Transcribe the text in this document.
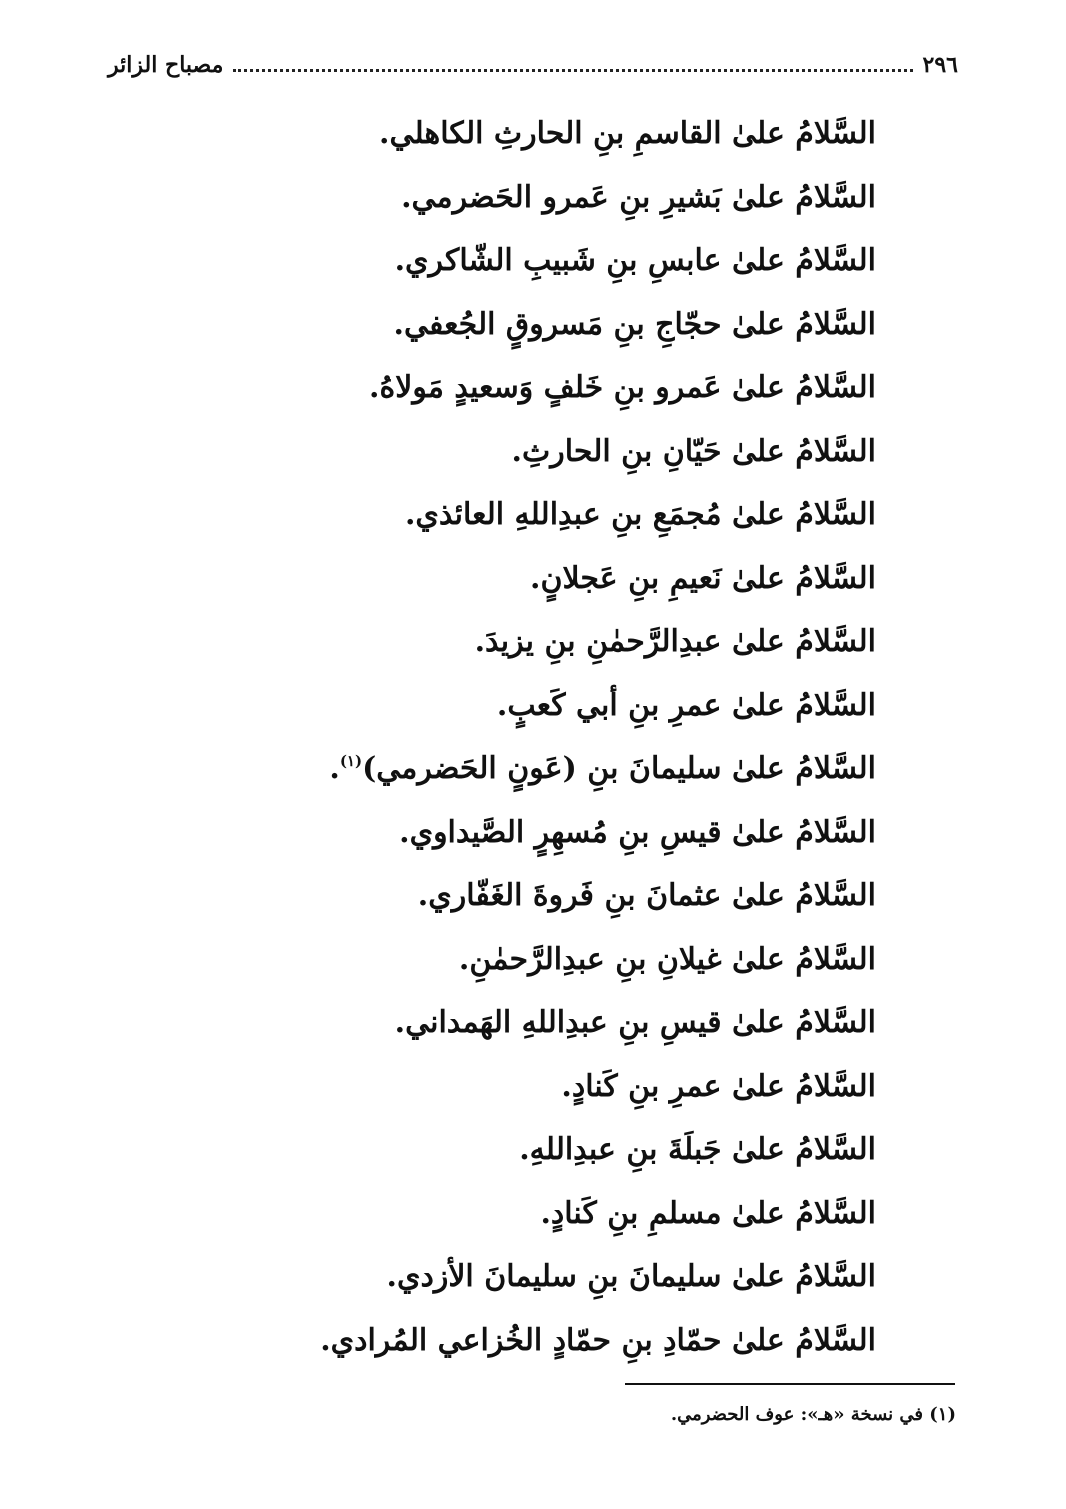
٢٩٦
مصباح الزائر
السَّلامُ علىٰ القاسمِ بنِ الحارثِ الكاهلي.
السَّلامُ علىٰ بَشيرِ بنِ عَمرو الحَضرمي.
السَّلامُ علىٰ عابسِ بنِ شَبيبِ الشّاكري.
السَّلامُ علىٰ حجّاجِ بنِ مَسروقٍ الجُعفي.
السَّلامُ علىٰ عَمرو بنِ خَلفٍ وَسعيدٍ مَولاهُ.
السَّلامُ علىٰ حَيّانِ بنِ الحارثِ.
السَّلامُ علىٰ مُجمَعِ بنِ عبدِاللهِ العائذي.
السَّلامُ علىٰ نَعيمِ بنِ عَجلانٍ.
السَّلامُ علىٰ عبدِالرَّحمٰنِ بنِ يزيدَ.
السَّلامُ علىٰ عمرِ بنِ أبي كَعبٍ.
السَّلامُ علىٰ سليمانَ بنِ (عَونٍ الحَضرمي)$^{(١)}$.
السَّلامُ علىٰ قيسِ بنِ مُسهِرٍ الصَّيداوي.
السَّلامُ علىٰ عثمانَ بنِ فَروةَ الغَفّاري.
السَّلامُ علىٰ غيلانِ بنِ عبدِالرَّحمٰنِ.
السَّلامُ علىٰ قيسِ بنِ عبدِاللهِ الهَمداني.
السَّلامُ علىٰ عمرِ بنِ كَنادٍ.
السَّلامُ علىٰ جَبلَةَ بنِ عبدِاللهِ.
السَّلامُ علىٰ مسلمِ بنِ كَنادٍ.
السَّلامُ علىٰ سليمانَ بنِ سليمانَ الأزدي.
السَّلامُ علىٰ حمّادِ بنِ حمّادٍ الخُزاعي المُرادي.
(١) في نسخة «هـ»: عوف الحضرمي.
